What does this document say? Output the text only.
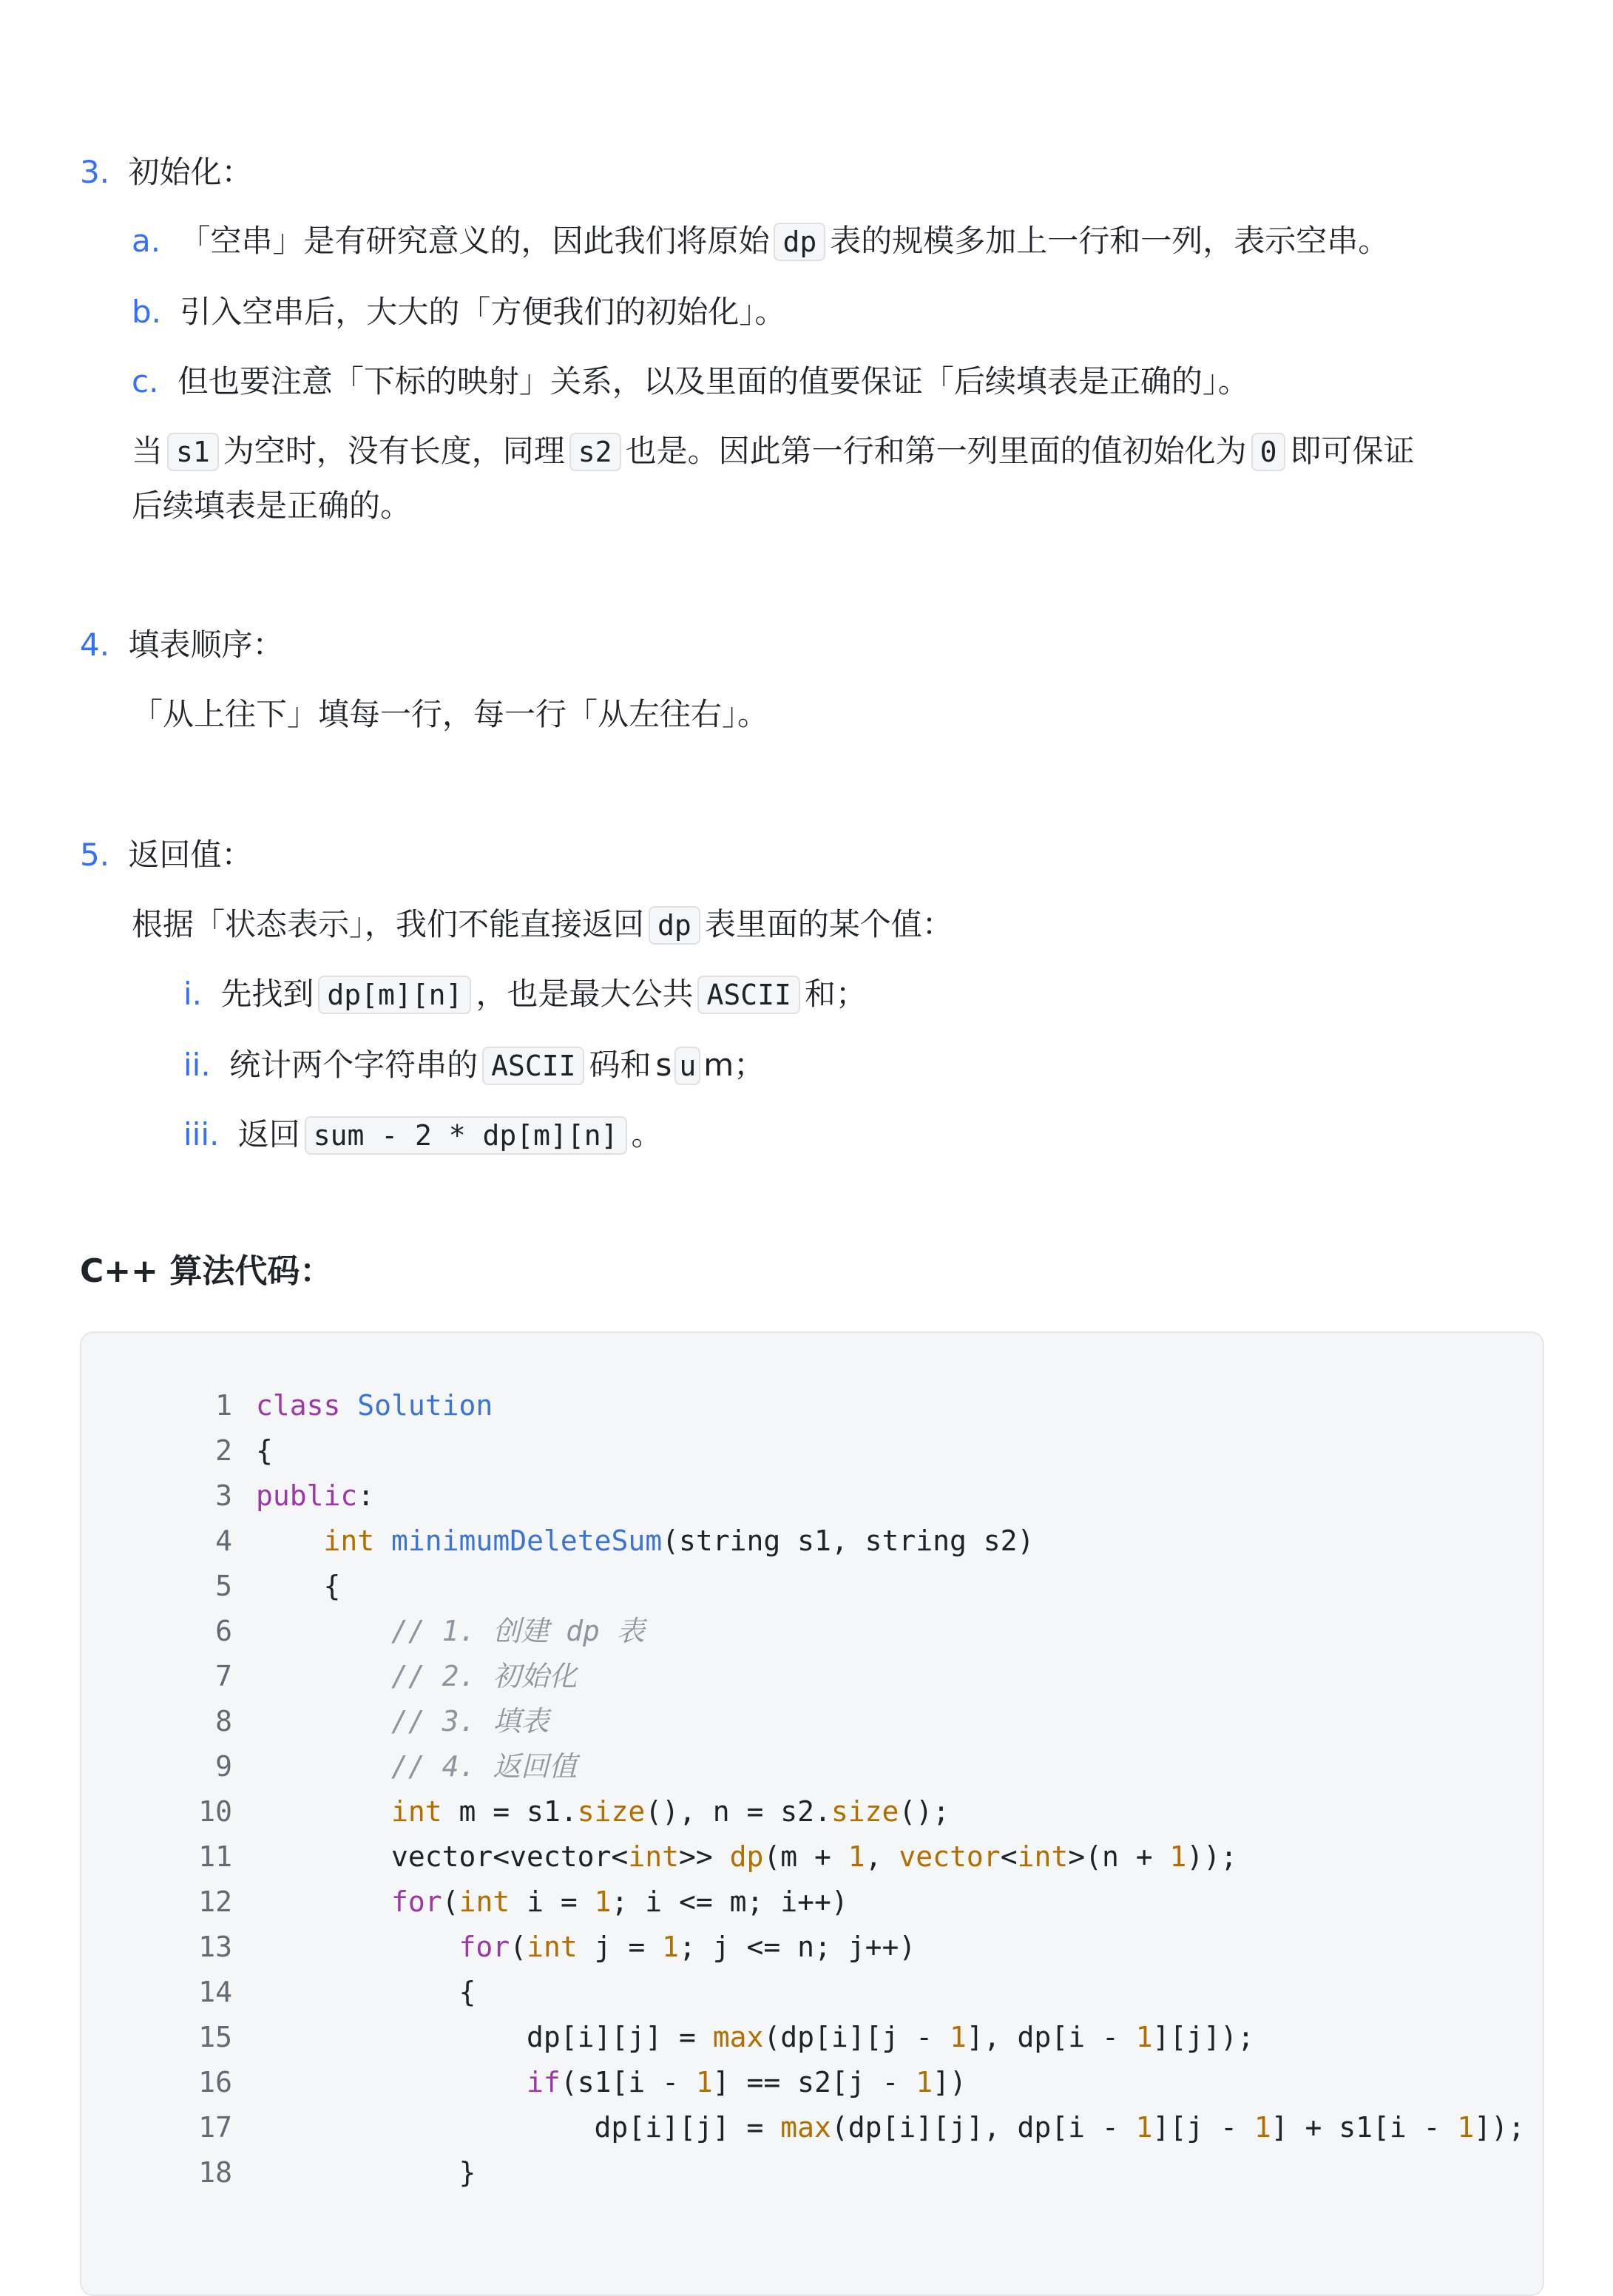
3. 初始化：
a. 「空串」是有研究意义的，因此我们将原始 dp 表的规模多加上一行和一列，表示空串。
b. 引入空串后，大大的「方便我们的初始化」。
c. 但也要注意「下标的映射」关系，以及里面的值要保证「后续填表是正确的」。
当 s1 为空时，没有长度，同理 s2 也是。因此第一行和第一列里面的值初始化为 0 即可保证
后续填表是正确的。
4. 填表顺序：
「从上往下」填每一行，每一行「从左往右」。
5. 返回值：
根据「状态表示」，我们不能直接返回 dp 表里面的某个值：
i. 先找到 dp[m][n] ，也是最大公共 ASCII 和；
ii. 统计两个字符串的 ASCII 码和 s u m；
iii. 返回 sum - 2 * dp[m][n] 。
C++ 算法代码：
1 class Solution
2 {
3 public:
4	int minimumDeleteSum(string s1, string s2)
5    {
6	// 1. 创建 dp 表
7	// 2. 初始化
8	// 3. 填表
9	// 4. 返回值
10	int m = s1.size(), n = s2.size();
11        vector<vector<int>> dp(m + 1, vector<int>(n + 1));
12	for(int i = 1; i <= m; i++)
13	for(int j = 1; j <= n; j++)
14            {
15                dp[i][j] = max(dp[i][j - 1], dp[i - 1][j]);
16	if(s1[i - 1] == s2[j - 1])
17                    dp[i][j] = max(dp[i][j], dp[i - 1][j - 1] + s1[i - 1]);
18            }
